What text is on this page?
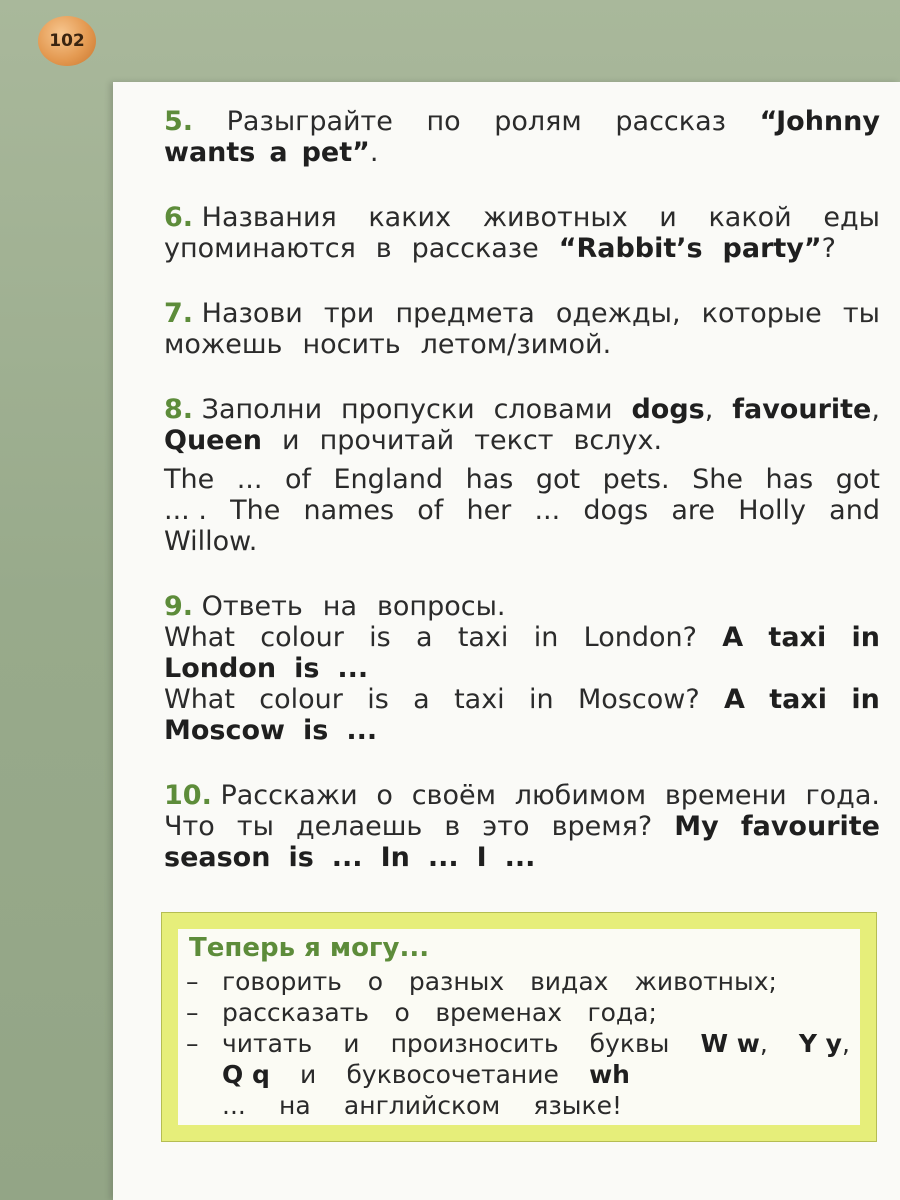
102
5. Разыграйте по ролям рассказ “Johnny
wants a pet”.
6. Названия каких животных и какой еды
упоминаются в рассказе “Rabbit’s party”?
7. Назови три предмета одежды, которые ты
можешь носить летом/зимой.
8. Заполни пропуски словами dogs, favourite,
Queen и прочитай текст вслух.
The ... of England has got pets. She has got
... . The names of her ... dogs are Holly and
Willow.
9. Ответь на вопросы.
What colour is a taxi in London? A taxi in
London is ...
What colour is a taxi in Moscow? A taxi in
Moscow is ...
10. Расскажи о своём любимом времени года.
Что ты делаешь в это время? My favourite
season is ... In ... I ...
Теперь я могу...
– говорить о разных видах животных;
– рассказать о временах года;
– читать и произносить буквы W w, Y y,
Q q и буквосочетание wh
... на английском языке!
